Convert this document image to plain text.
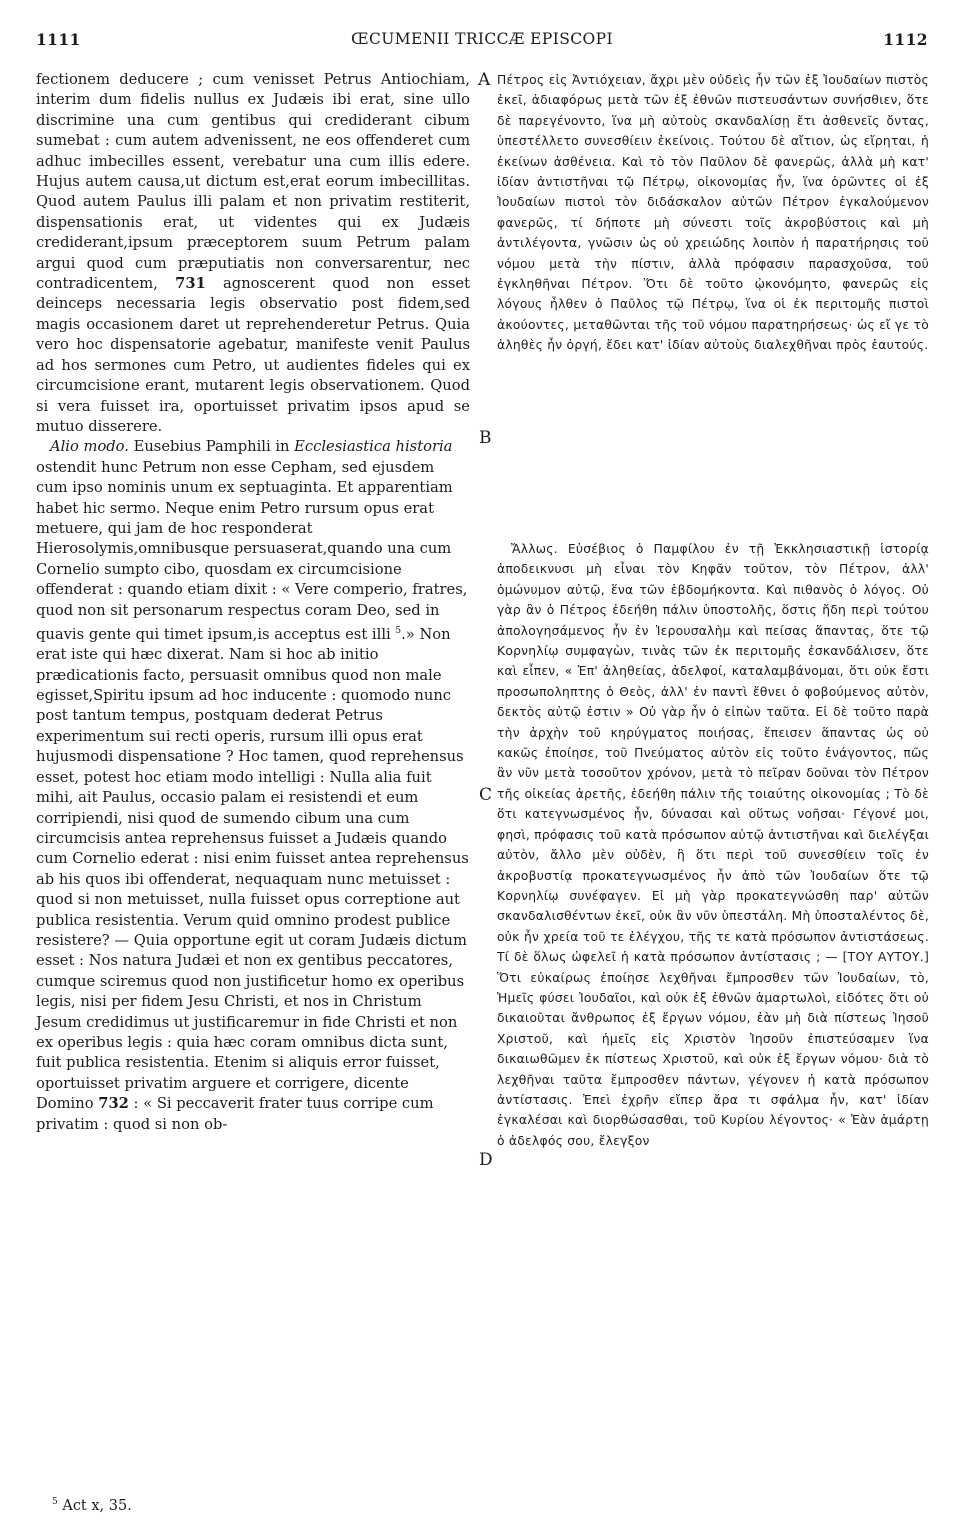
1111	ŒCUMENII TRICCÆ EPISCOPI	1112

fectionem deducere ; cum venisset Petrus Antiochiam, interim dum fidelis nullus ex Judæis ibi erat, sine ullo discrimine una cum gentibus qui crediderant cibum sumebat : cum autem advenissent, ne eos offenderet cum adhuc imbecilles essent, verebatur una cum illis edere. Hujus autem causa,ut dictum est,erat eorum imbecillitas. Quod autem Paulus illi palam et non privatim restiterit, dispensationis erat, ut videntes qui ex Judæis crediderant,ipsum præceptorem suum Petrum palam argui quod cum præputiatis non conversarentur, nec contradicentem, 731 agnoscerent quod non esset deinceps necessaria legis observatio post fidem,sed magis occasionem daret ut reprehenderetur Petrus. Quia vero hoc dispensatorie agebatur, manifeste venit Paulus ad hos sermones cum Petro, ut audientes fideles qui ex circumcisione erant, mutarent legis observationem. Quod si vera fuisset ira, oportuisset privatim ipsos apud se mutuo disserere.

Alio modo. Eusebius Pamphili in Ecclesiastica historia ostendit hunc Petrum non esse Cepham, sed ejusdem cum ipso nominis unum ex septuaginta. Et apparentiam habet hic sermo. Neque enim Petro rursum opus erat metuere, qui jam de hoc responderat Hierosolymis,omnibusque persuaserat,quando una cum Cornelio sumpto cibo, quosdam ex circumcisione offenderat : quando etiam dixit : « Vere comperio, fratres, quod non sit personarum respectus coram Deo, sed in quavis gente qui timet ipsum,is acceptus est illi $^5$.» Non erat iste qui hæc dixerat. Nam si hoc ab initio prædicationis facto, persuasit omnibus quod non male egisset,Spiritu ipsum ad hoc inducente : quomodo nunc post tantum tempus, postquam dederat Petrus experimentum sui recti operis, rursum illi opus erat hujusmodi dispensatione ? Hoc tamen, quod reprehensus esset, potest hoc etiam modo intelligi : Nulla alia fuit mihi, ait Paulus, occasio palam ei resistendi et eum corripiendi, nisi quod de sumendo cibum una cum circumcisis antea reprehensus fuisset a Judæis quando cum Cornelio ederat : nisi enim fuisset antea reprehensus ab his quos ibi offenderat, nequaquam nunc metuisset : quod si non metuisset, nulla fuisset opus correptione aut publica resistentia. Verum quid omnino prodest publice resistere? — Quia opportune egit ut coram Judæis dictum esset : Nos natura Judæi et non ex gentibus peccatores, cumque sciremus quod non justificetur homo ex operibus legis, nisi per fidem Jesu Christi, et nos in Christum Jesum credidimus ut justificaremur in fide Christi et non ex operibus legis : quia hæc coram omnibus dicta sunt, fuit publica resistentia. Etenim si aliquis error fuisset, oportuisset privatim arguere et corrigere, dicente Domino 732 : « Si peccaverit frater tuus corripe cum privatim : quod si non ob-

Πέτρος εἰς Ἀντιόχειαν, ἄχρι μὲν οὐδεὶς ἦν τῶν ἐξ Ἰουδαίων πιστὸς ἐκεῖ, ἀδιαφόρως μετὰ τῶν ἐξ ἐθνῶν πιστευσάντων συνήσθιεν, ὅτε δὲ παρεγένοντο, ἵνα μὴ αὐτοὺς σκανδαλίσῃ ἔτι ἀσθενεῖς ὄντας, ὑπεστέλλετο συνεσθίειν ἐκείνοις. Τούτου δὲ αἴτιον, ὡς εἴρηται, ἡ ἐκείνων ἀσθένεια. Καὶ τὸ τὸν Παῦλον δὲ φανερῶς, ἀλλὰ μὴ κατ' ἰδίαν ἀντιστῆναι τῷ Πέτρῳ, οἰκονομίας ἦν, ἵνα ὁρῶντες οἱ ἐξ Ἰουδαίων πιστοὶ τὸν διδάσκαλον αὐτῶν Πέτρον ἐγκαλούμενον φανερῶς, τί δήποτε μὴ σύνεστι τοῖς ἀκροβύστοις καὶ μὴ ἀντιλέγοντα, γνῶσιν ὡς οὐ χρειώδης λοιπὸν ἡ παρατήρησις τοῦ νόμου μετὰ τὴν πίστιν, ἀλλὰ πρόφασιν παρασχοῦσα, τοῦ ἐγκληθῆναι Πέτρον. Ὅτι δὲ τοῦτο ᾠκονόμητο, φανερῶς εἰς λόγους ἦλθεν ὁ Παῦλος τῷ Πέτρῳ, ἵνα οἱ ἐκ περιτομῆς πιστοὶ ἀκούοντες, μεταθῶνται τῆς τοῦ νόμου παρατηρήσεως· ὡς εἴ γε τὸ ἀληθὲς ἦν ὀργή, ἔδει κατ' ἰδίαν αὐτοὺς διαλεχθῆναι πρὸς ἑαυτούς.

Ἄλλως. Εὐσέβιος ὁ Παμφίλου ἐν τῇ Ἐκκλησιαστικῇ ἱστορίᾳ ἀποδεικνυσι μὴ εἶναι τὸν Κηφᾶν τοῦτον, τὸν Πέτρον, ἀλλ' ὁμώνυμον αὐτῷ, ἕνα τῶν ἑβδομήκοντα. Καὶ πιθανὸς ὁ λόγος. Οὐ γὰρ ἂν ὁ Πέτρος ἐδεήθη πάλιν ὑποστολῆς, ὅστις ἤδη περὶ τούτου ἀπολογησάμενος ἦν ἐν Ἱερουσαλὴμ καὶ πείσας ἅπαντας, ὅτε τῷ Κορνηλίῳ συμφαγὼν, τινὰς τῶν ἐκ περιτομῆς ἐσκανδάλισεν, ὅτε καὶ εἶπεν, « Ἐπ' ἀληθείας, ἀδελφοί, καταλαμβάνομαι, ὅτι οὐκ ἔστι προσωποληπτης ὁ Θεὸς, ἀλλ' ἐν παντὶ ἔθνει ὁ φοβούμενος αὐτὸν, δεκτὸς αὐτῷ ἐστιν » Οὐ γὰρ ἦν ὁ εἰπὼν ταῦτα. Εἰ δὲ τοῦτο παρὰ τὴν ἀρχὴν τοῦ κηρύγματος ποιήσας, ἔπεισεν ἅπαντας ὡς οὐ κακῶς ἐποίησε, τοῦ Πνεύματος αὐτὸν εἰς τοῦτο ἐνάγοντος, πῶς ἂν νῦν μετὰ τοσοῦτον χρόνον, μετὰ τὸ πεῖραν δοῦναι τὸν Πέτρον τῆς οἰκείας ἀρετῆς, ἐδεήθη πάλιν τῆς τοιαύτης οἰκονομίας ; Τὸ δὲ ὅτι κατεγνωσμένος ἦν, δύνασαι καὶ οὕτως νοῆσαι· Γέγονέ μοι, φησὶ, πρόφασις τοῦ κατὰ πρόσωπον αὐτῷ ἀντιστῆναι καὶ διελέγξαι αὐτὸν, ἄλλο μὲν οὐδὲν, ἢ ὅτι περὶ τοῦ συνεσθίειν τοῖς ἐν ἀκροβυστίᾳ προκατεγνωσμένος ἦν ἀπὸ τῶν Ἰουδαίων ὅτε τῷ Κορνηλίῳ συνέφαγεν. Εἰ μὴ γὰρ προκατεγνώσθη παρ' αὐτῶν σκανδαλισθέντων ἐκεῖ, οὐκ ἂν νῦν ὑπεστάλη. Μὴ ὑποσταλέντος δὲ, οὐκ ἦν χρεία τοῦ τε ἐλέγχου, τῆς τε κατὰ πρόσωπον ἀντιστάσεως. Τί δὲ ὅλως ὠφελεῖ ἡ κατὰ πρόσωπον ἀντίστασις ; — [ΤΟΥ ΑΥΤΟΥ.] Ὅτι εὐκαίρως ἐποίησε λεχθῆναι ἔμπροσθεν τῶν Ἰουδαίων, τὸ, Ἡμεῖς φύσει Ἰουδαῖοι, καὶ οὐκ ἐξ ἐθνῶν ἁμαρτωλοὶ, εἰδότες ὅτι οὐ δικαιοῦται ἄνθρωπος ἐξ ἔργων νόμου, ἐὰν μὴ διὰ πίστεως Ἰησοῦ Χριστοῦ, καὶ ἡμεῖς εἰς Χριστὸν Ἰησοῦν ἐπιστεύσαμεν ἵνα δικαιωθῶμεν ἐκ πίστεως Χριστοῦ, καὶ οὐκ ἐξ ἔργων νόμου· διὰ τὸ λεχθῆναι ταῦτα ἔμπροσθεν πάντων, γέγονεν ἡ κατὰ πρόσωπον ἀντίστασις. Ἐπεὶ ἐχρῆν εἴπερ ἄρα τι σφάλμα ἦν, κατ' ἰδίαν ἐγκαλέσαι καὶ διορθώσασθαι, τοῦ Κυρίου λέγοντος· « Ἐὰν ἁμάρτῃ ὁ ἀδελφός σου, ἔλεγξον

A
B
C
D
$^5$ Act x, 35.
